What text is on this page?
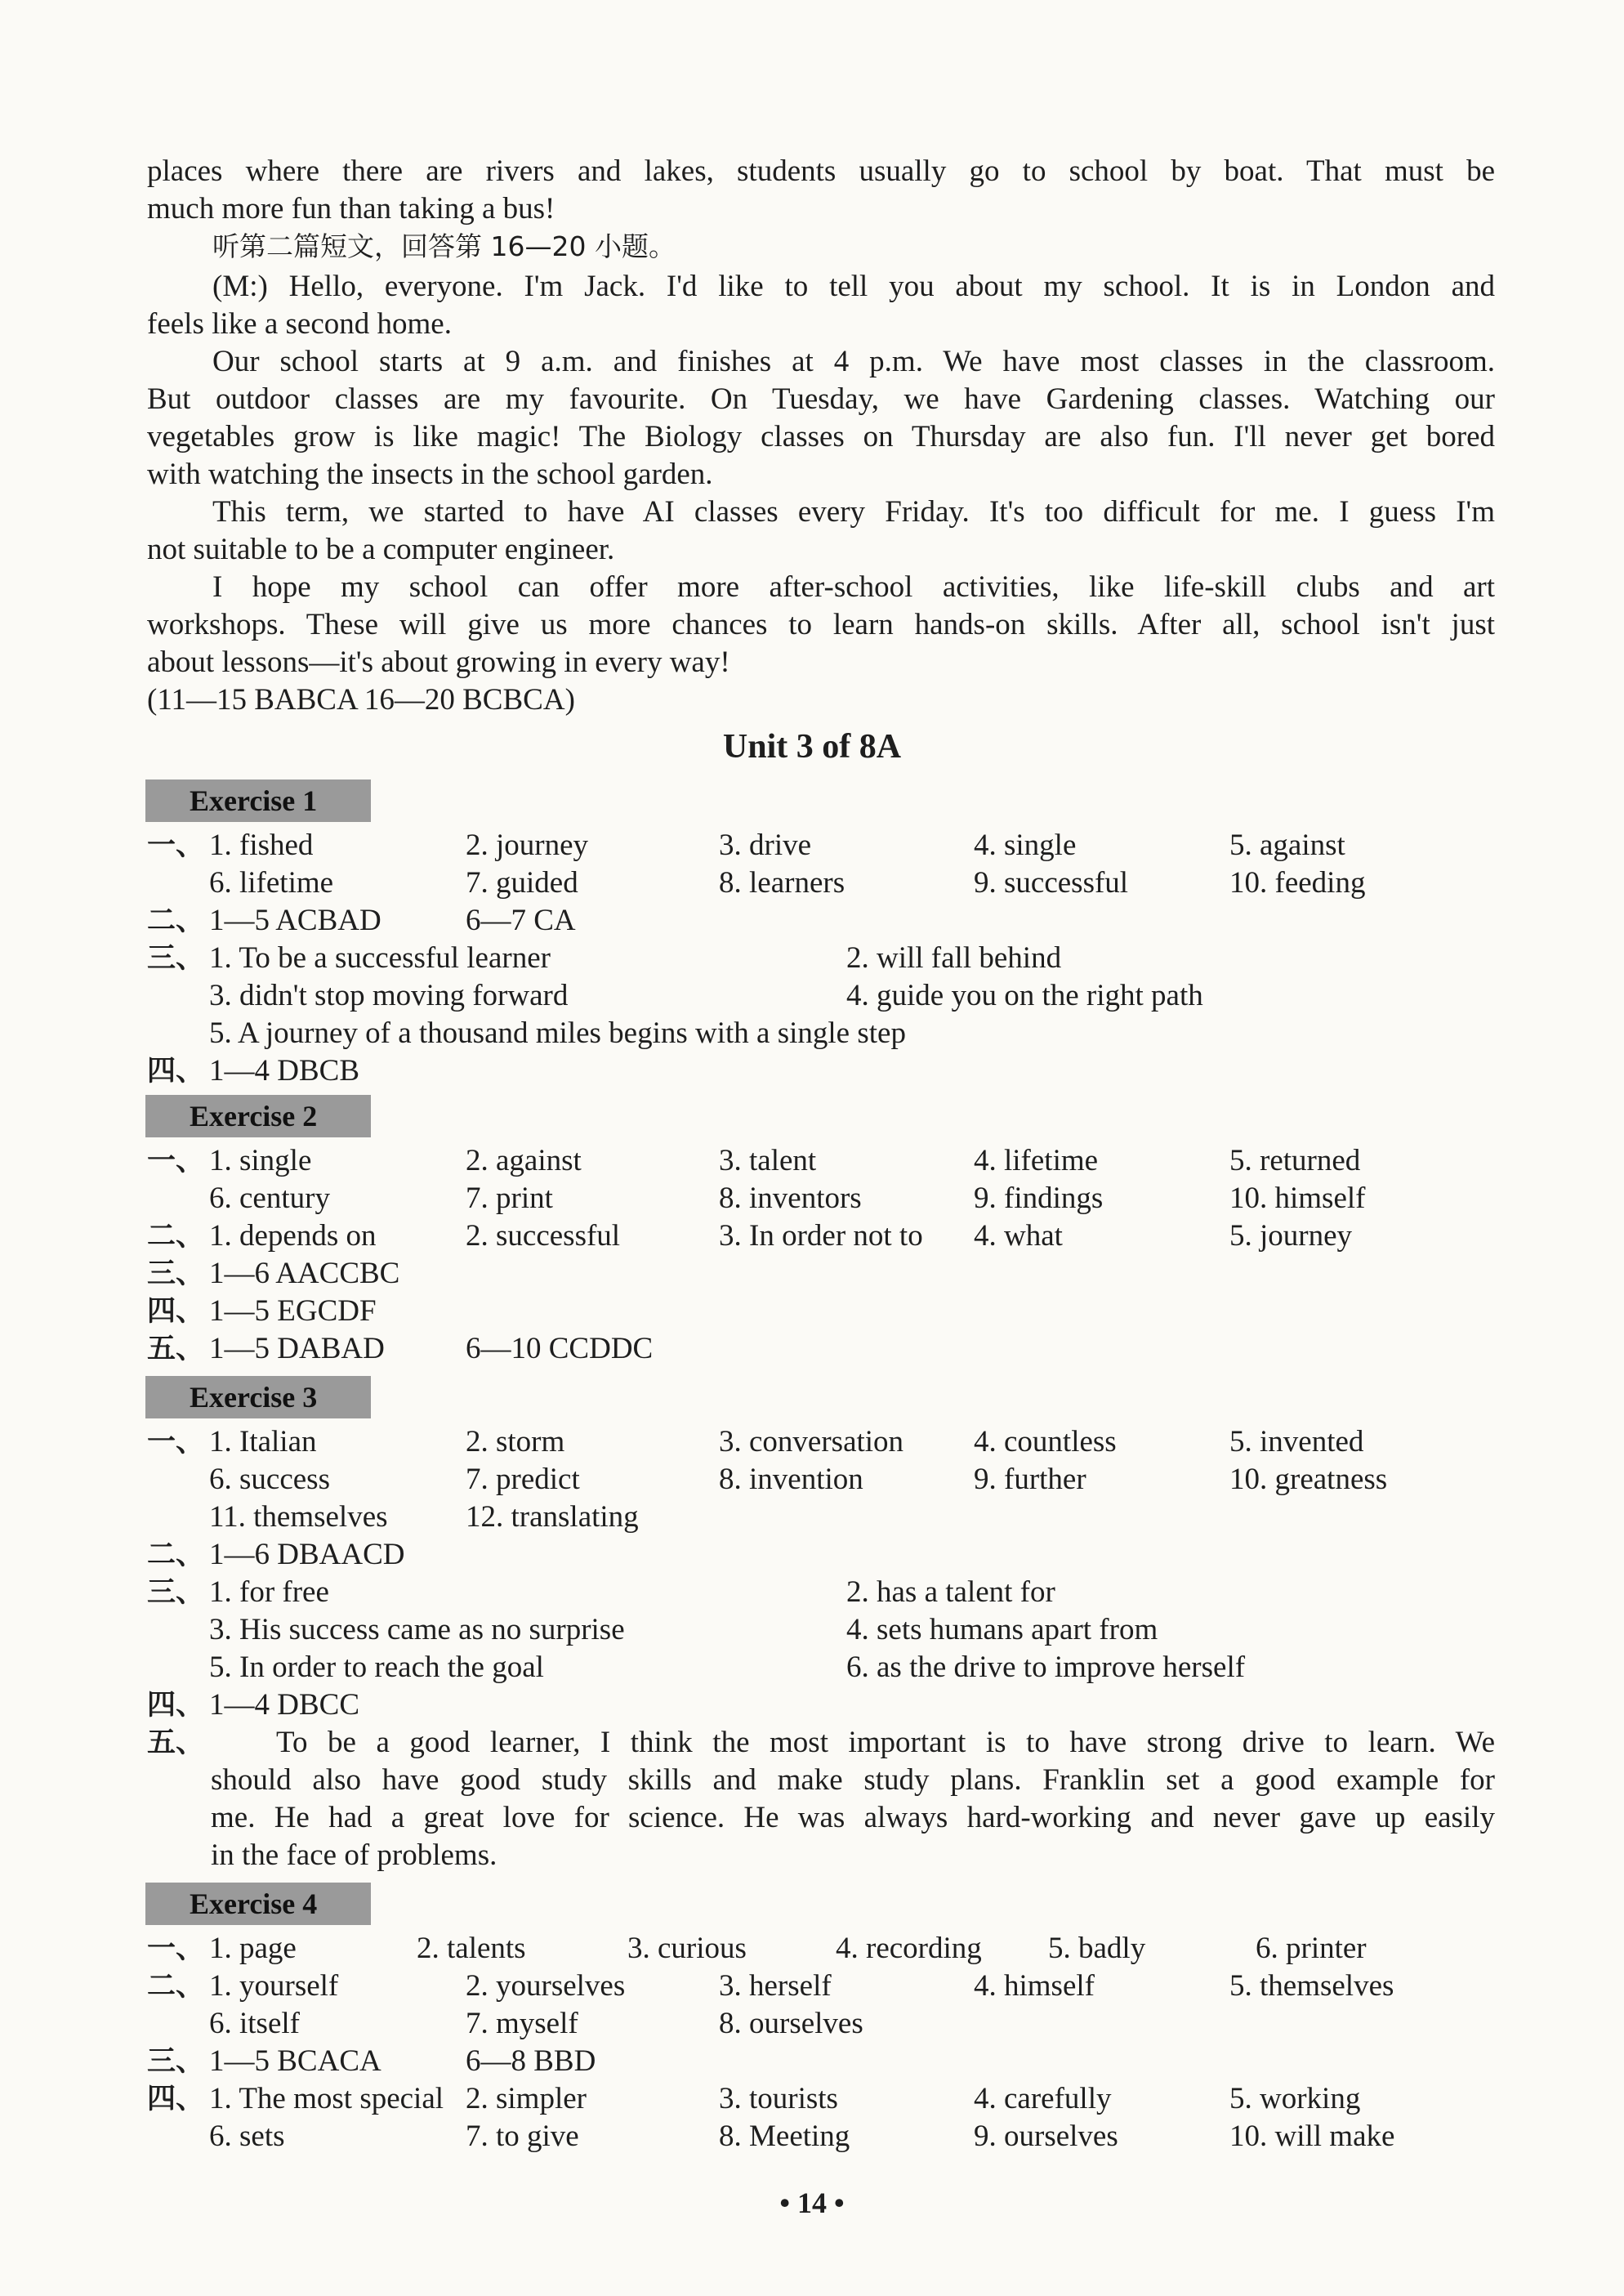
places where there are rivers and lakes, students usually go to school by boat. That must be
much more fun than taking a bus!
听第二篇短文，回答第 16—20 小题。
(M:) Hello, everyone. I'm Jack. I'd like to tell you about my school. It is in London and
feels like a second home.
Our school starts at 9 a.m. and finishes at 4 p.m. We have most classes in the classroom.
But outdoor classes are my favourite. On Tuesday, we have Gardening classes. Watching our
vegetables grow is like magic! The Biology classes on Thursday are also fun. I'll never get bored
with watching the insects in the school garden.
This term, we started to have AI classes every Friday. It's too difficult for me. I guess I'm
not suitable to be a computer engineer.
I hope my school can offer more after-school activities, like life-skill clubs and art
workshops. These will give us more chances to learn hands-on skills. After all, school isn't just
about lessons—it's about growing in every way!
(11—15 BABCA 16—20 BCBCA)
Unit 3 of 8A
Exercise 1
一、 1. fished	2. journey	3. drive	4. single	5. against
6. lifetime	7. guided	8. learners	9. successful	10. feeding
二、 1—5 ACBAD	6—7 CA
三、 1. To be a successful learner	2. will fall behind
3. didn't stop moving forward	4. guide you on the right path
5. A journey of a thousand miles begins with a single step
四、 1—4 DBCB
Exercise 2
一、 1. single	2. against	3. talent	4. lifetime	5. returned
6. century	7. print	8. inventors	9. findings	10. himself
二、 1. depends on	2. successful	3. In order not to 4. what	5. journey
三、 1—6 AACCBC
四、 1—5 EGCDF
五、 1—5 DABAD	6—10 CCDDC
Exercise 3
一、 1. Italian	2. storm	3. conversation 4. countless	5. invented
6. success	7. predict	8. invention	9. further	10. greatness
11. themselves	12. translating
二、 1—6 DBAACD
三、 1. for free	2. has a talent for
3. His success came as no surprise	4. sets humans apart from
5. In order to reach the goal	6. as the drive to improve herself
四、 1—4 DBCC
五、	To be a good learner, I think the most important is to have strong drive to learn. We
should also have good study skills and make study plans. Franklin set a good example for
me. He had a great love for science. He was always hard-working and never gave up easily
in the face of problems.
Exercise 4
一、 1. page	2. talents	3. curious	4. recording 5. badly	6. printer
二、 1. yourself	2. yourselves	3. herself	4. himself	5. themselves
6. itself	7. myself	8. ourselves
三、 1—5 BCACA	6—8 BBD
四、 1. The most special 2. simpler	3. tourists	4. carefully	5. working
6. sets	7. to give	8. Meeting	9. ourselves	10. will make
• 14 •
